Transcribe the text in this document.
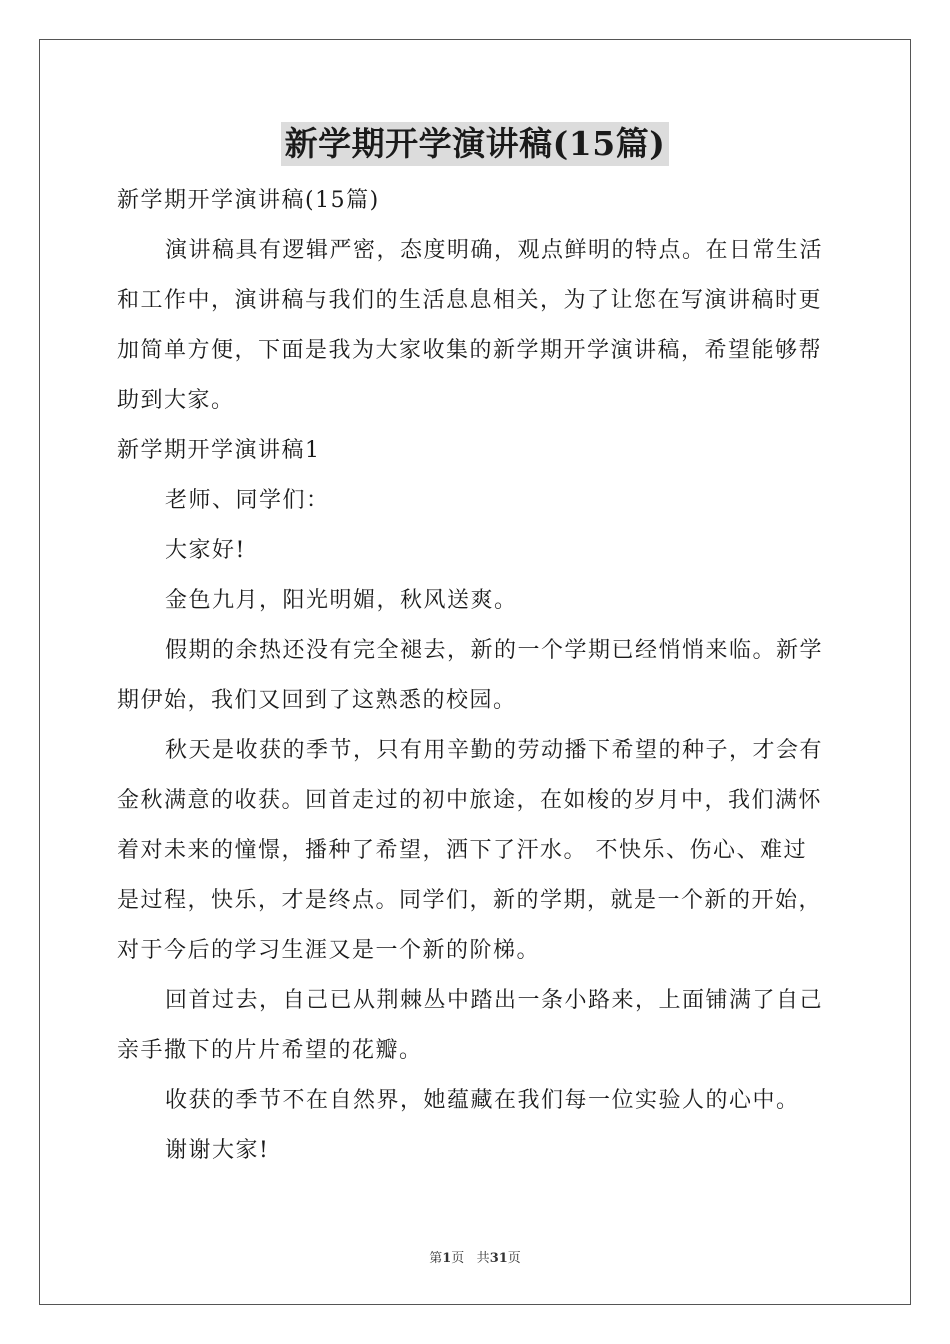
新学期开学演讲稿(15篇)
新学期开学演讲稿(15篇)
演讲稿具有逻辑严密，态度明确，观点鲜明的特点。在日常生活
和工作中，演讲稿与我们的生活息息相关，为了让您在写演讲稿时更
加简单方便，下面是我为大家收集的新学期开学演讲稿，希望能够帮
助到大家。
新学期开学演讲稿1
老师、同学们：
大家好!
金色九月，阳光明媚，秋风送爽。
假期的余热还没有完全褪去，新的一个学期已经悄悄来临。新学
期伊始，我们又回到了这熟悉的校园。
秋天是收获的季节，只有用辛勤的劳动播下希望的种子，才会有
金秋满意的收获。回首走过的初中旅途，在如梭的岁月中，我们满怀
着对未来的憧憬，播种了希望，洒下了汗水。 不快乐、伤心、难过
是过程，快乐，才是终点。同学们，新的学期，就是一个新的开始，
对于今后的学习生涯又是一个新的阶梯。
回首过去，自己已从荆棘丛中踏出一条小路来，上面铺满了自己
亲手撒下的片片希望的花瓣。
收获的季节不在自然界，她蕴藏在我们每一位实验人的心中。
谢谢大家!
第1页 共31页
